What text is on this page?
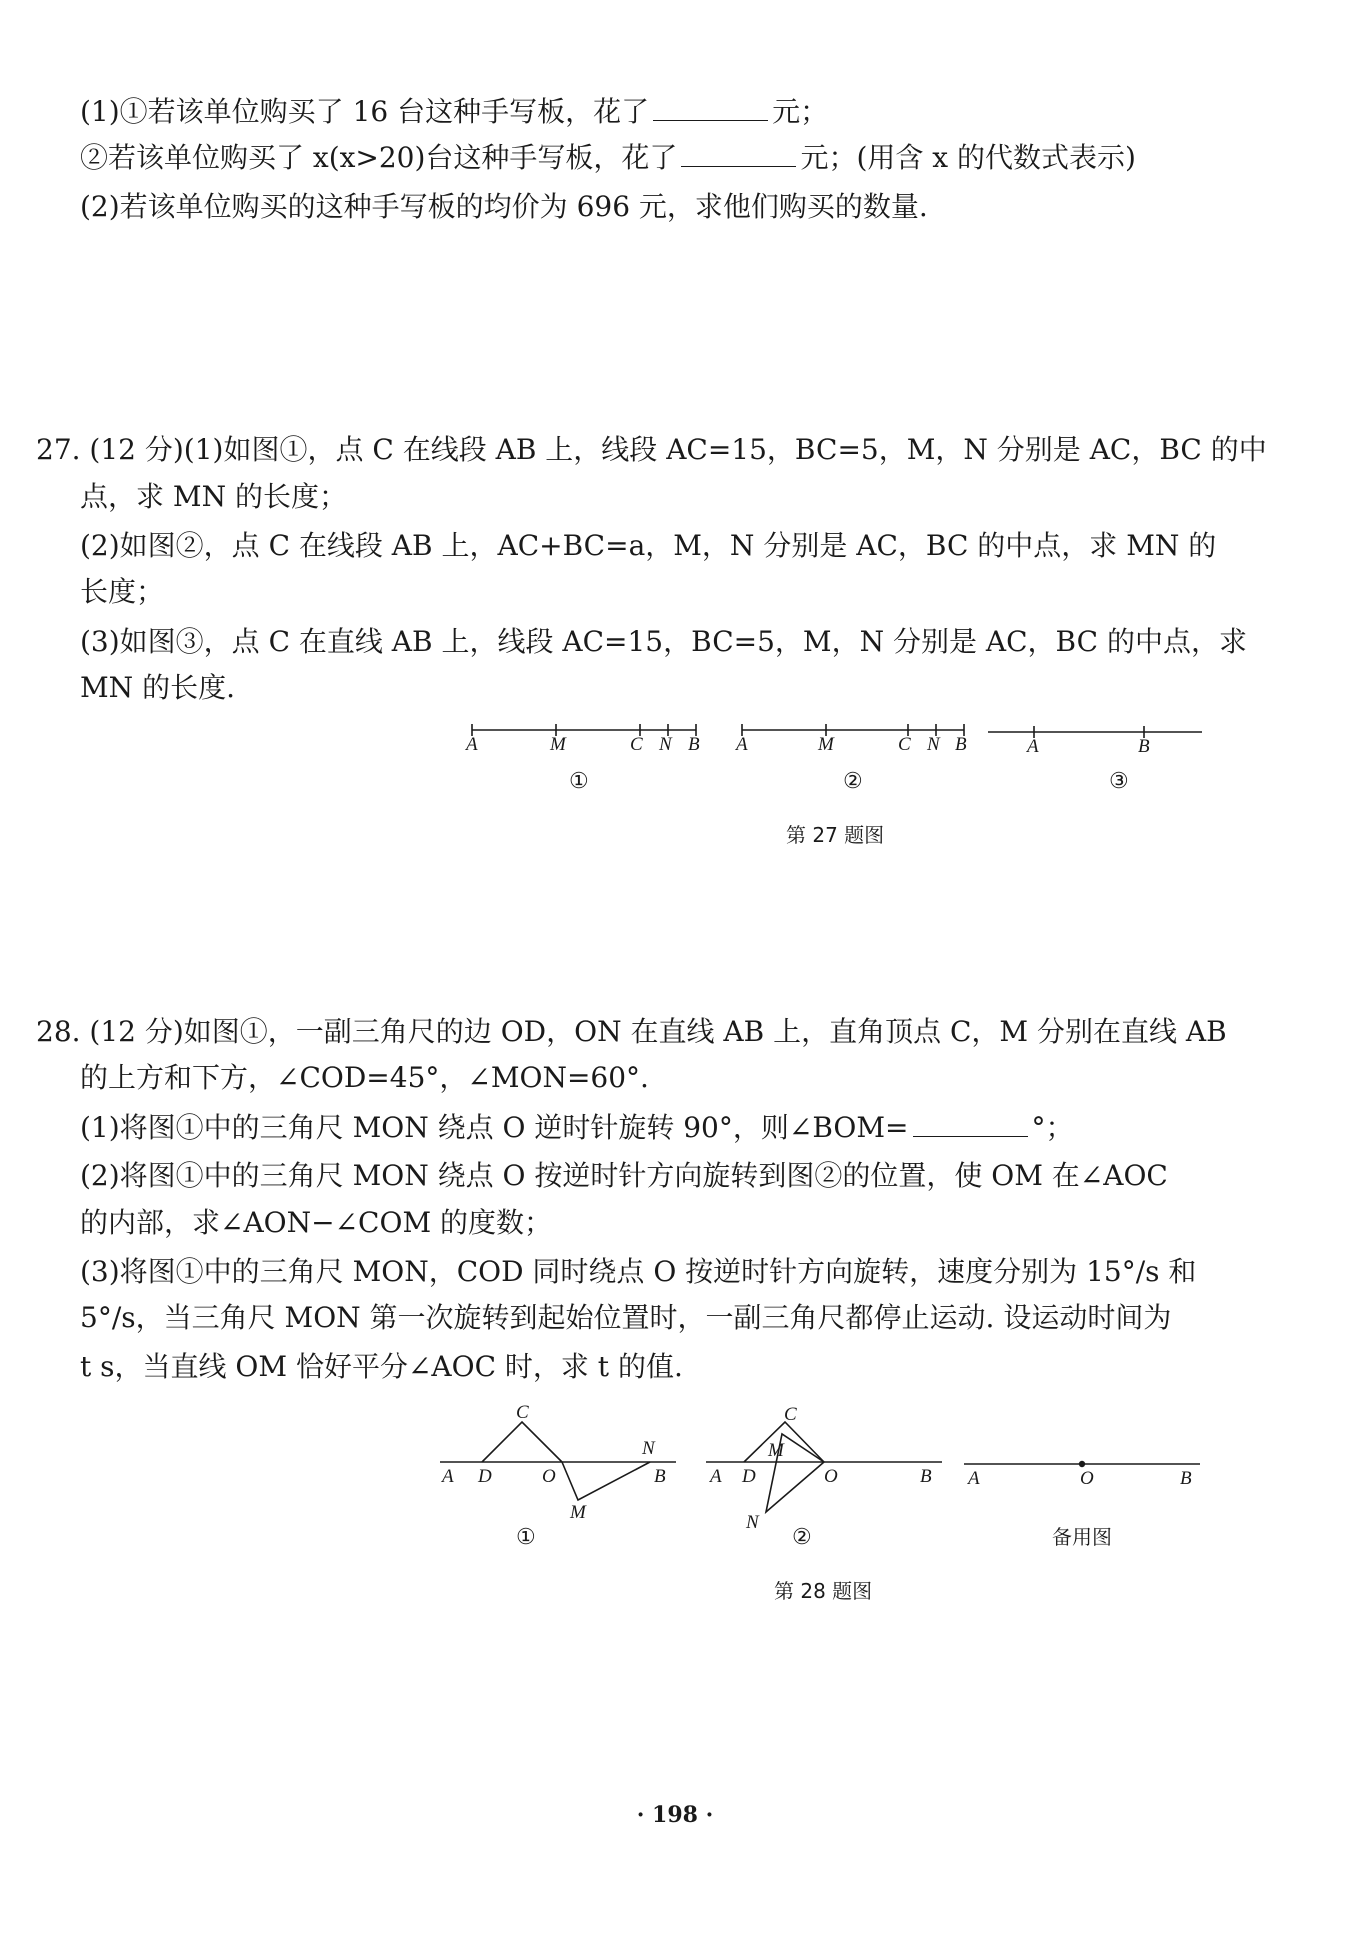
(1)①若该单位购买了 16 台这种手写板，花了	元；
②若该单位购买了 x(x>20)台这种手写板，花了	元；(用含 x 的代数式表示)
(2)若该单位购买的这种手写板的均价为 696 元，求他们购买的数量.
27. (12 分)(1)如图①，点 C 在线段 AB 上，线段 AC=15，BC=5，M，N 分别是 AC，BC 的中
点，求 MN 的长度；
(2)如图②，点 C 在线段 AB 上，AC+BC=a，M，N 分别是 AC，BC 的中点，求 MN 的
长度；
(3)如图③，点 C 在直线 AB 上，线段 AC=15，BC=5，M，N 分别是 AC，BC 的中点，求
MN 的长度.
A	M	C N B A	M	C N B	A	B
①	②	③
第 27 题图
28. (12 分)如图①，一副三角尺的边 OD，ON 在直线 AB 上，直角顶点 C，M 分别在直线 AB
的上方和下方，∠COD=45°，∠MON=60°.
(1)将图①中的三角尺 MON 绕点 O 逆时针旋转 90°，则∠BOM=	°；
(2)将图①中的三角尺 MON 绕点 O 按逆时针方向旋转到图②的位置，使 OM 在∠AOC
的内部，求∠AON−∠COM 的度数；
(3)将图①中的三角尺 MON，COD 同时绕点 O 按逆时针方向旋转，速度分别为 15°/s 和
5°/s，当三角尺 MON 第一次旋转到起始位置时，一副三角尺都停止运动. 设运动时间为
t s，当直线 OM 恰好平分∠AOC 时，求 t 的值.
C
N
A D	O	B
M
C
M
A D	O	B
N
A	O	B
①	②	备用图
第 28 题图
· 198 ·
